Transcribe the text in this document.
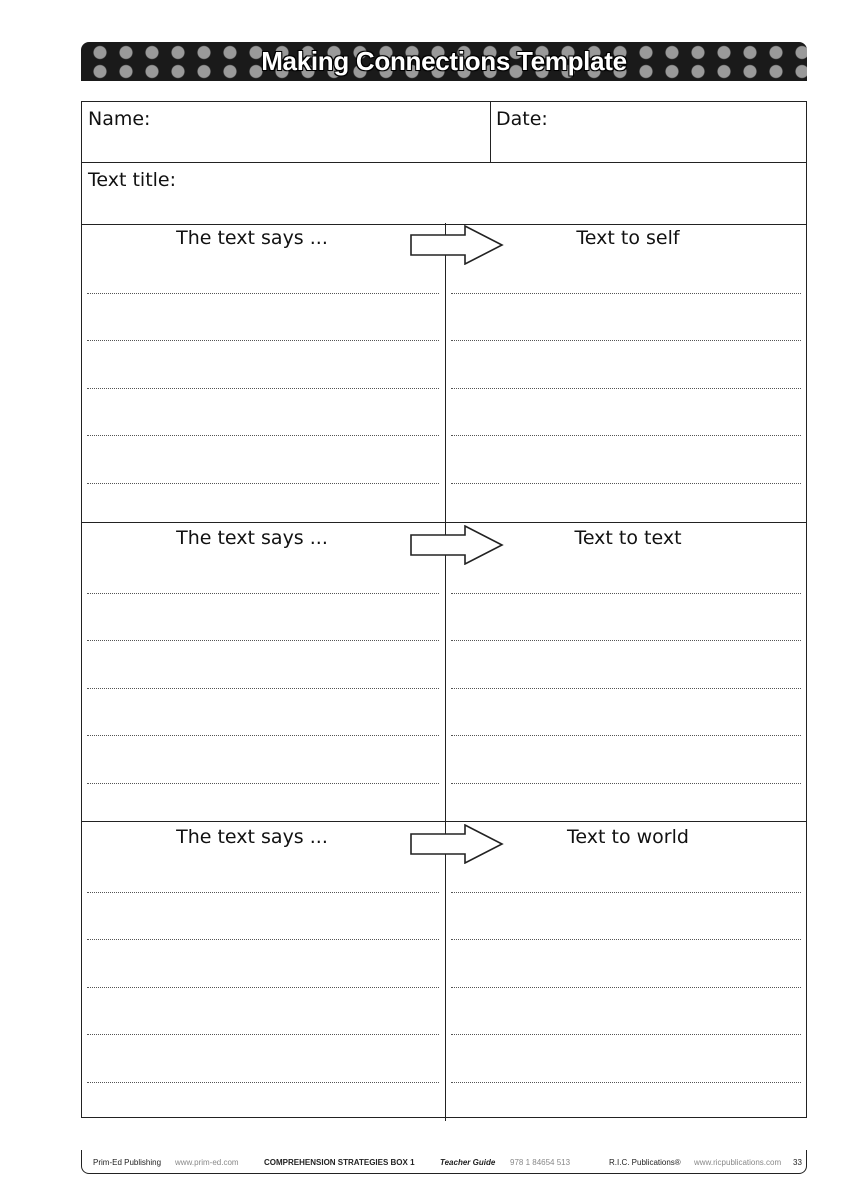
Making Connections Template
Name:	Date:
Text title:
The text says ...	Text to self
The text says ...	Text to text
The text says ...	Text to world
Prim-Ed Publishing www.prim-ed.com	COMPREHENSION STRATEGIES BOX 1	Teacher Guide 978 1 84654 513	R.I.C. Publications® www.ricpublications.com 33
